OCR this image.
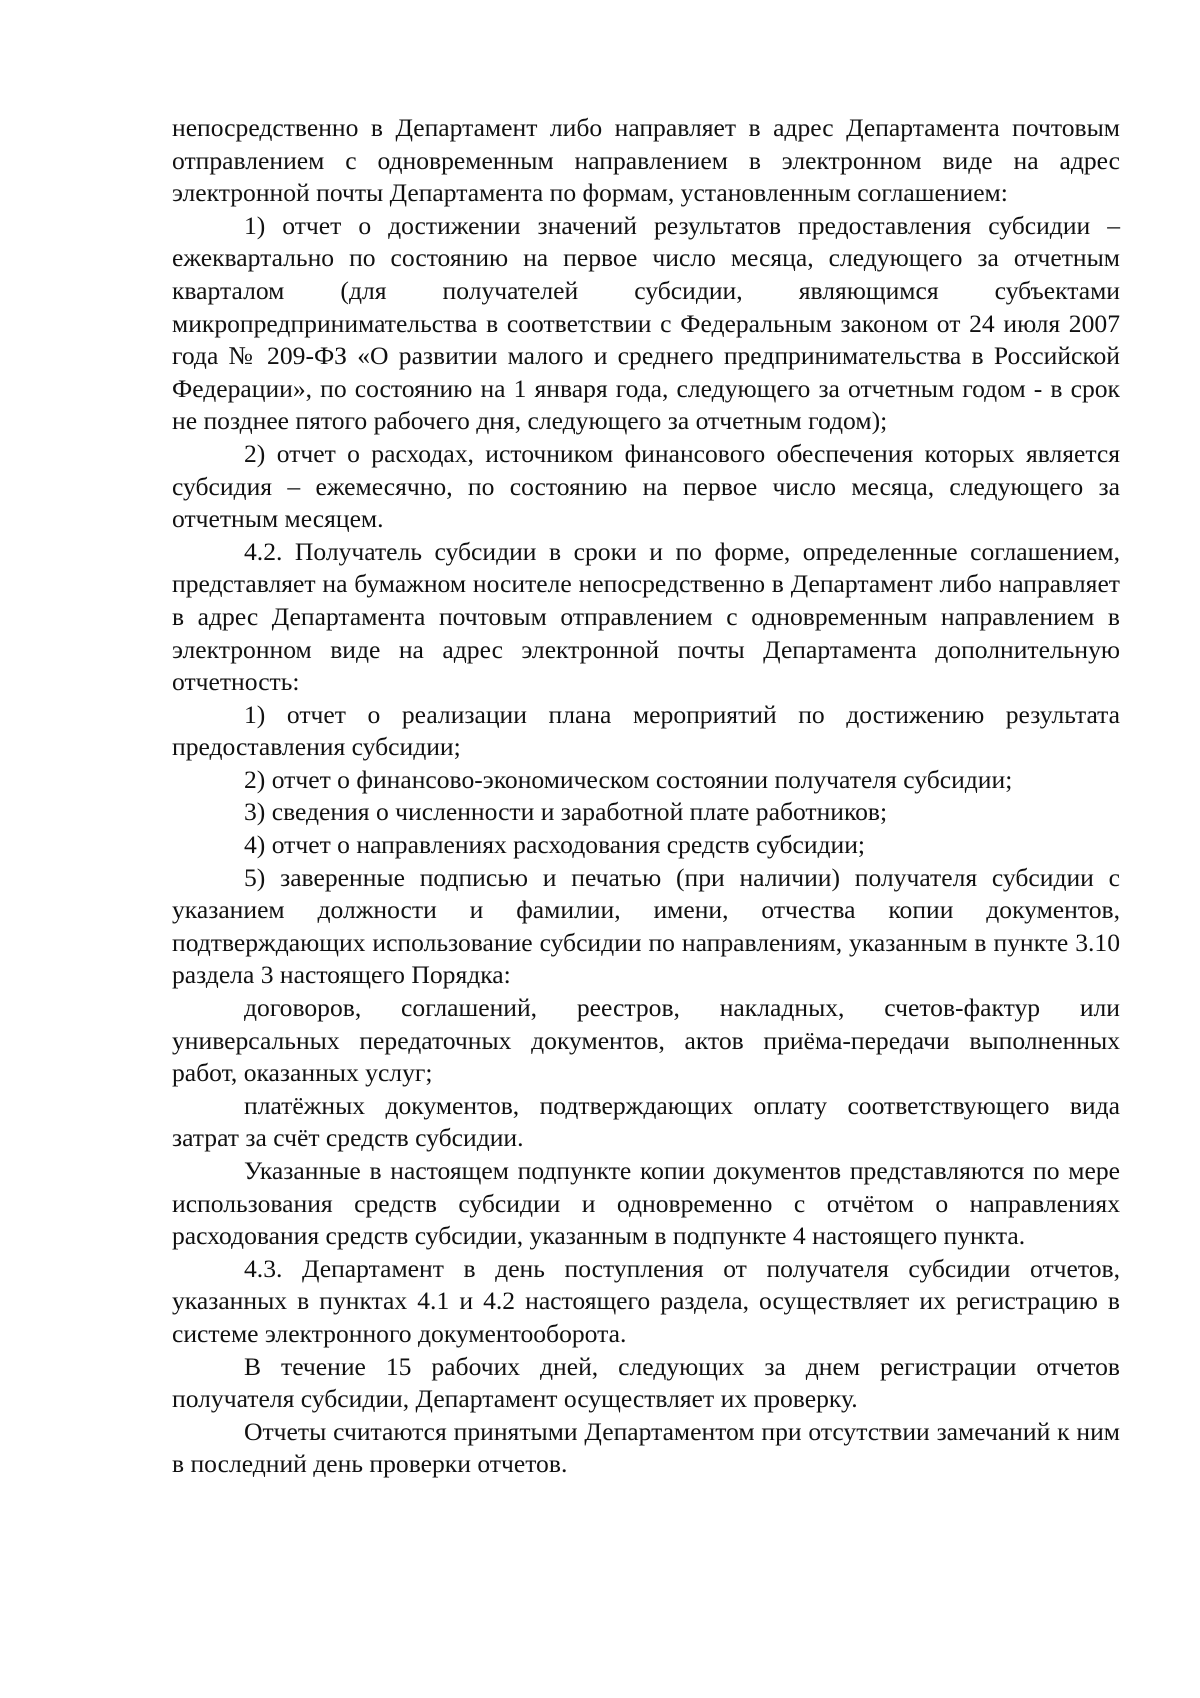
непосредственно в Департамент либо направляет в адрес Департамента почтовым отправлением с одновременным направлением в электронном виде на адрес электронной почты Департамента по формам, установленным соглашением:

1) отчет о достижении значений результатов предоставления субсидии – ежеквартально по состоянию на первое число месяца, следующего за отчетным кварталом (для получателей субсидии, являющимся субъектами микропредпринимательства в соответствии с Федеральным законом от 24 июля 2007 года № 209-ФЗ «О развитии малого и среднего предпринимательства в Российской Федерации», по состоянию на 1 января года, следующего за отчетным годом - в срок не позднее пятого рабочего дня, следующего за отчетным годом);

2) отчет о расходах, источником финансового обеспечения которых является субсидия – ежемесячно, по состоянию на первое число месяца, следующего за отчетным месяцем.

4.2. Получатель субсидии в сроки и по форме, определенные соглашением, представляет на бумажном носителе непосредственно в Департамент либо направляет в адрес Департамента почтовым отправлением с одновременным направлением в электронном виде на адрес электронной почты Департамента дополнительную отчетность:

1) отчет о реализации плана мероприятий по достижению результата предоставления субсидии;

2) отчет о финансово-экономическом состоянии получателя субсидии;

3) сведения о численности и заработной плате работников;

4) отчет о направлениях расходования средств субсидии;

5) заверенные подписью и печатью (при наличии) получателя субсидии с указанием должности и фамилии, имени, отчества копии документов, подтверждающих использование субсидии по направлениям, указанным в пункте 3.10 раздела 3 настоящего Порядка:

договоров, соглашений, реестров, накладных, счетов-фактур или универсальных передаточных документов, актов приёма-передачи выполненных работ, оказанных услуг;

платёжных документов, подтверждающих оплату соответствующего вида затрат за счёт средств субсидии.

Указанные в настоящем подпункте копии документов представляются по мере использования средств субсидии и одновременно с отчётом о направлениях расходования средств субсидии, указанным в подпункте 4 настоящего пункта.

4.3. Департамент в день поступления от получателя субсидии отчетов, указанных в пунктах 4.1 и 4.2 настоящего раздела, осуществляет их регистрацию в системе электронного документооборота.

В течение 15 рабочих дней, следующих за днем регистрации отчетов получателя субсидии, Департамент осуществляет их проверку.

Отчеты считаются принятыми Департаментом при отсутствии замечаний к ним в последний день проверки отчетов.
